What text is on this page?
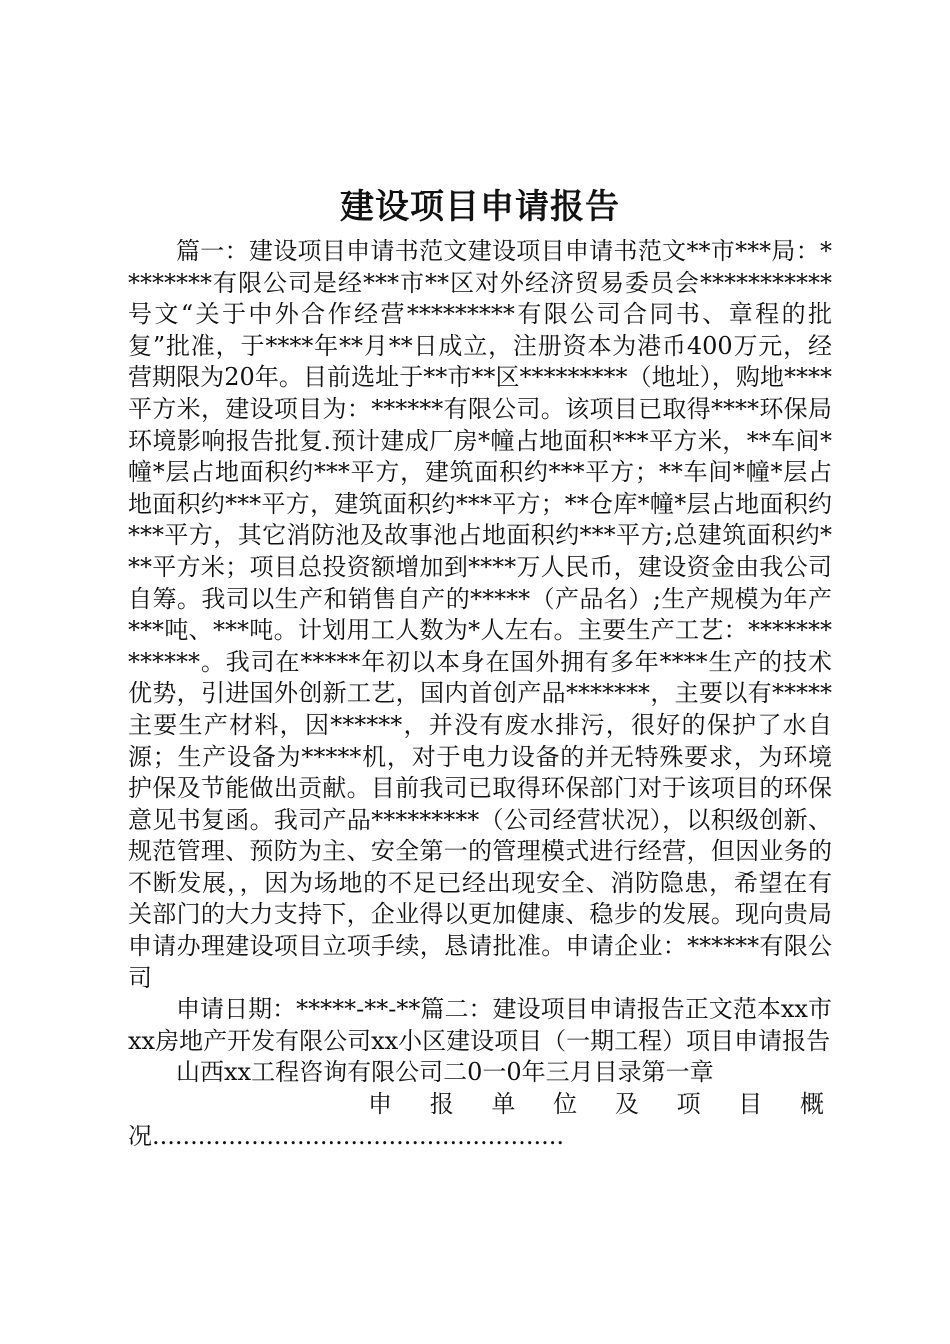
建设项目申请报告

篇一：建设项目申请书范文建设项目申请书范文**市***局：********有限公司是经***市**区对外经济贸易委员会***********号文“关于中外合作经营*********有限公司合同书、章程的批复”批准，于****年**月**日成立，注册资本为港币400万元，经营期限为20年。目前选址于**市**区*********（地址），购地****平方米，建设项目为：******有限公司。该项目已取得****环保局环境影响报告批复.预计建成厂房*幢占地面积***平方米，**车间*幢*层占地面积约***平方，建筑面积约***平方；**车间*幢*层占地面积约***平方，建筑面积约***平方；**仓库*幢*层占地面积约***平方，其它消防池及故事池占地面积约***平方;总建筑面积约***平方米；项目总投资额增加到****万人民币，建设资金由我公司自筹。我司以生产和销售自产的*****（产品名）;生产规模为年产***吨、***吨。计划用工人数为*人左右。主要生产工艺：*************。我司在*****年初以本身在国外拥有多年****生产的技术优势，引进国外创新工艺，国内首创产品*******，主要以有*****主要生产材料，因******，并没有废水排污，很好的保护了水自源；生产设备为*****机，对于电力设备的并无特殊要求，为环境护保及节能做出贡献。目前我司已取得环保部门对于该项目的环保意见书复函。我司产品*********（公司经营状况），以积级创新、规范管理、预防为主、安全第一的管理模式进行经营，但因业务的不断发展，，因为场地的不足已经出现安全、消防隐患，希望在有关部门的大力支持下，企业得以更加健康、稳步的发展。现向贵局申请办理建设项目立项手续，恳请批准。申请企业：******有限公司

申请日期：*****-**-**篇二：建设项目申请报告正文范本xx市xx房地产开发有限公司xx小区建设项目（一期工程）项目申请报告

山西xx工程咨询有限公司二0一0年三月目录第一章

申报单位及项目概

况......................................................
